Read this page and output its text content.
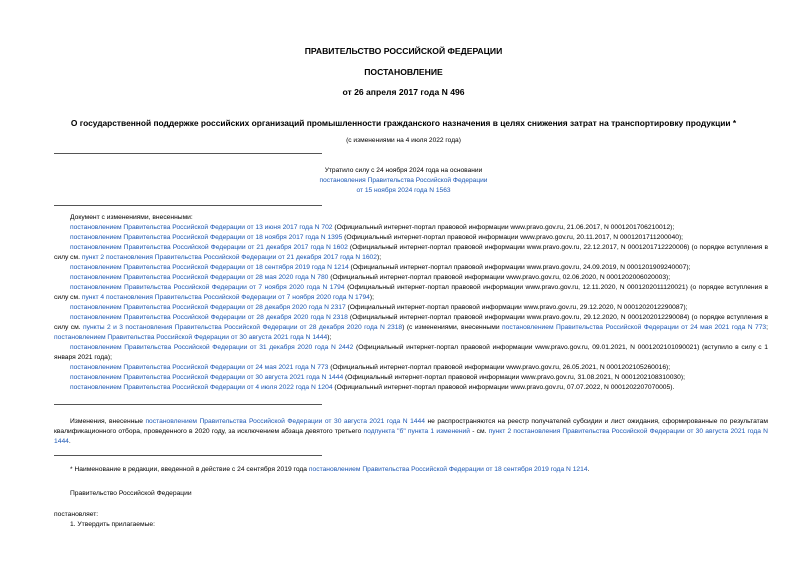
ПРАВИТЕЛЬСТВО РОССИЙСКОЙ ФЕДЕРАЦИИ
ПОСТАНОВЛЕНИЕ
от 26 апреля 2017 года N 496
О государственной поддержке российских организаций промышленности гражданского назначения в целях снижения затрат на транспортировку продукции *
(с изменениями на 4 июля 2022 года)
Утратило силу с 24 ноября 2024 года на основании
постановления Правительства Российской Федерации
от 15 ноября 2024 года N 1563

Документ с изменениями, внесенными:

постановлением Правительства Российской Федерации от 13 июня 2017 года N 702 (Официальный интернет-портал правовой информации www.pravo.gov.ru, 21.06.2017, N 0001201706210012);

постановлением Правительства Российской Федерации от 18 ноября 2017 года N 1395 (Официальный интернет-портал правовой информации www.pravo.gov.ru, 20.11.2017, N 0001201711200040);

постановлением Правительства Российской Федерации от 21 декабря 2017 года N 1602 (Официальный интернет-портал правовой информации www.pravo.gov.ru, 22.12.2017, N 0001201712220006) (о порядке вступления в силу см. пункт 2 постановления Правительства Российской Федерации от 21 декабря 2017 года N 1602);

постановлением Правительства Российской Федерации от 18 сентября 2019 года N 1214 (Официальный интернет-портал правовой информации www.pravo.gov.ru, 24.09.2019, N 0001201909240007);

постановлением Правительства Российской Федерации от 28 мая 2020 года N 780 (Официальный интернет-портал правовой информации www.pravo.gov.ru, 02.06.2020, N 0001202006020003);

постановлением Правительства Российской Федерации от 7 ноября 2020 года N 1794 (Официальный интернет-портал правовой информации www.pravo.gov.ru, 12.11.2020, N 0001202011120021) (о порядке вступления в силу см. пункт 4 постановления Правительства Российской Федерации от 7 ноября 2020 года N 1794);

постановлением Правительства Российской Федерации от 28 декабря 2020 года N 2317 (Официальный интернет-портал правовой информации www.pravo.gov.ru, 29.12.2020, N 0001202012290087);

постановлением Правительства Российской Федерации от 28 декабря 2020 года N 2318 (Официальный интернет-портал правовой информации www.pravo.gov.ru, 29.12.2020, N 0001202012290084) (о порядке вступления в силу см. пункты 2 и 3 постановления Правительства Российской Федерации от 28 декабря 2020 года N 2318) (с изменениями, внесенными постановлением Правительства Российской Федерации от 24 мая 2021 года N 773; постановлением Правительства Российской Федерации от 30 августа 2021 года N 1444);

постановлением Правительства Российской Федерации от 31 декабря 2020 года N 2442 (Официальный интернет-портал правовой информации www.pravo.gov.ru, 09.01.2021, N 0001202101090021) (вступило в силу с 1 января 2021 года);

постановлением Правительства Российской Федерации от 24 мая 2021 года N 773 (Официальный интернет-портал правовой информации www.pravo.gov.ru, 26.05.2021, N 0001202105260016);

постановлением Правительства Российской Федерации от 30 августа 2021 года N 1444 (Официальный интернет-портал правовой информации www.pravo.gov.ru, 31.08.2021, N 0001202108310030);

постановлением Правительства Российской Федерации от 4 июля 2022 года N 1204 (Официальный интернет-портал правовой информации www.pravo.gov.ru, 07.07.2022, N 0001202207070005).

Изменения, внесенные постановлением Правительства Российской Федерации от 30 августа 2021 года N 1444 не распространяются на реестр получателей субсидии и лист ожидания, сформированные по результатам квалификационного отбора, проведенного в 2020 году, за исключением абзаца девятого третьего подпункта "б" пункта 1 изменений - см. пункт 2 постановления Правительства Российской Федерации от 30 августа 2021 года N 1444.

* Наименование в редакции, введенной в действие с 24 сентября 2019 года постановлением Правительства Российской Федерации от 18 сентября 2019 года N 1214.

Правительство Российской Федерации

постановляет:

1. Утвердить прилагаемые:
